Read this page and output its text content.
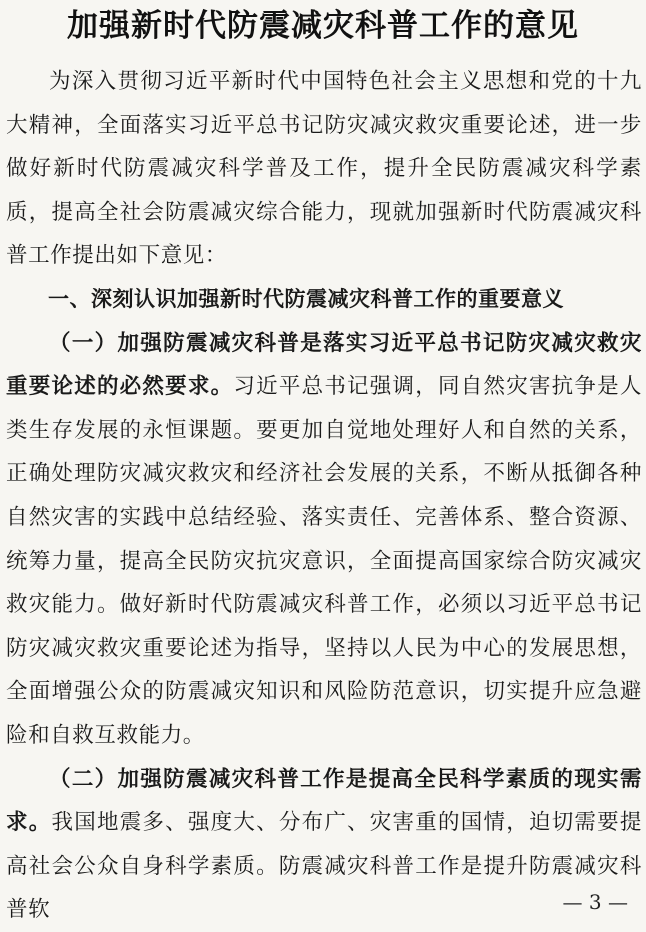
加强新时代防震减灾科普工作的意见

为深入贯彻习近平新时代中国特色社会主义思想和党的十九大精神，全面落实习近平总书记防灾减灾救灾重要论述，进一步做好新时代防震减灾科学普及工作，提升全民防震减灾科学素质，提高全社会防震减灾综合能力，现就加强新时代防震减灾科普工作提出如下意见：

一、深刻认识加强新时代防震减灾科普工作的重要意义

（一）加强防震减灾科普是落实习近平总书记防灾减灾救灾重要论述的必然要求。习近平总书记强调，同自然灾害抗争是人类生存发展的永恒课题。要更加自觉地处理好人和自然的关系，正确处理防灾减灾救灾和经济社会发展的关系，不断从抵御各种自然灾害的实践中总结经验、落实责任、完善体系、整合资源、统筹力量，提高全民防灾抗灾意识，全面提高国家综合防灾减灾救灾能力。做好新时代防震减灾科普工作，必须以习近平总书记防灾减灾救灾重要论述为指导，坚持以人民为中心的发展思想，全面增强公众的防震减灾知识和风险防范意识，切实提升应急避险和自救互救能力。

（二）加强防震减灾科普工作是提高全民科学素质的现实需求。我国地震多、强度大、分布广、灾害重的国情，迫切需要提高社会公众自身科学素质。防震减灾科普工作是提升防震减灾科普软	— 3 —
